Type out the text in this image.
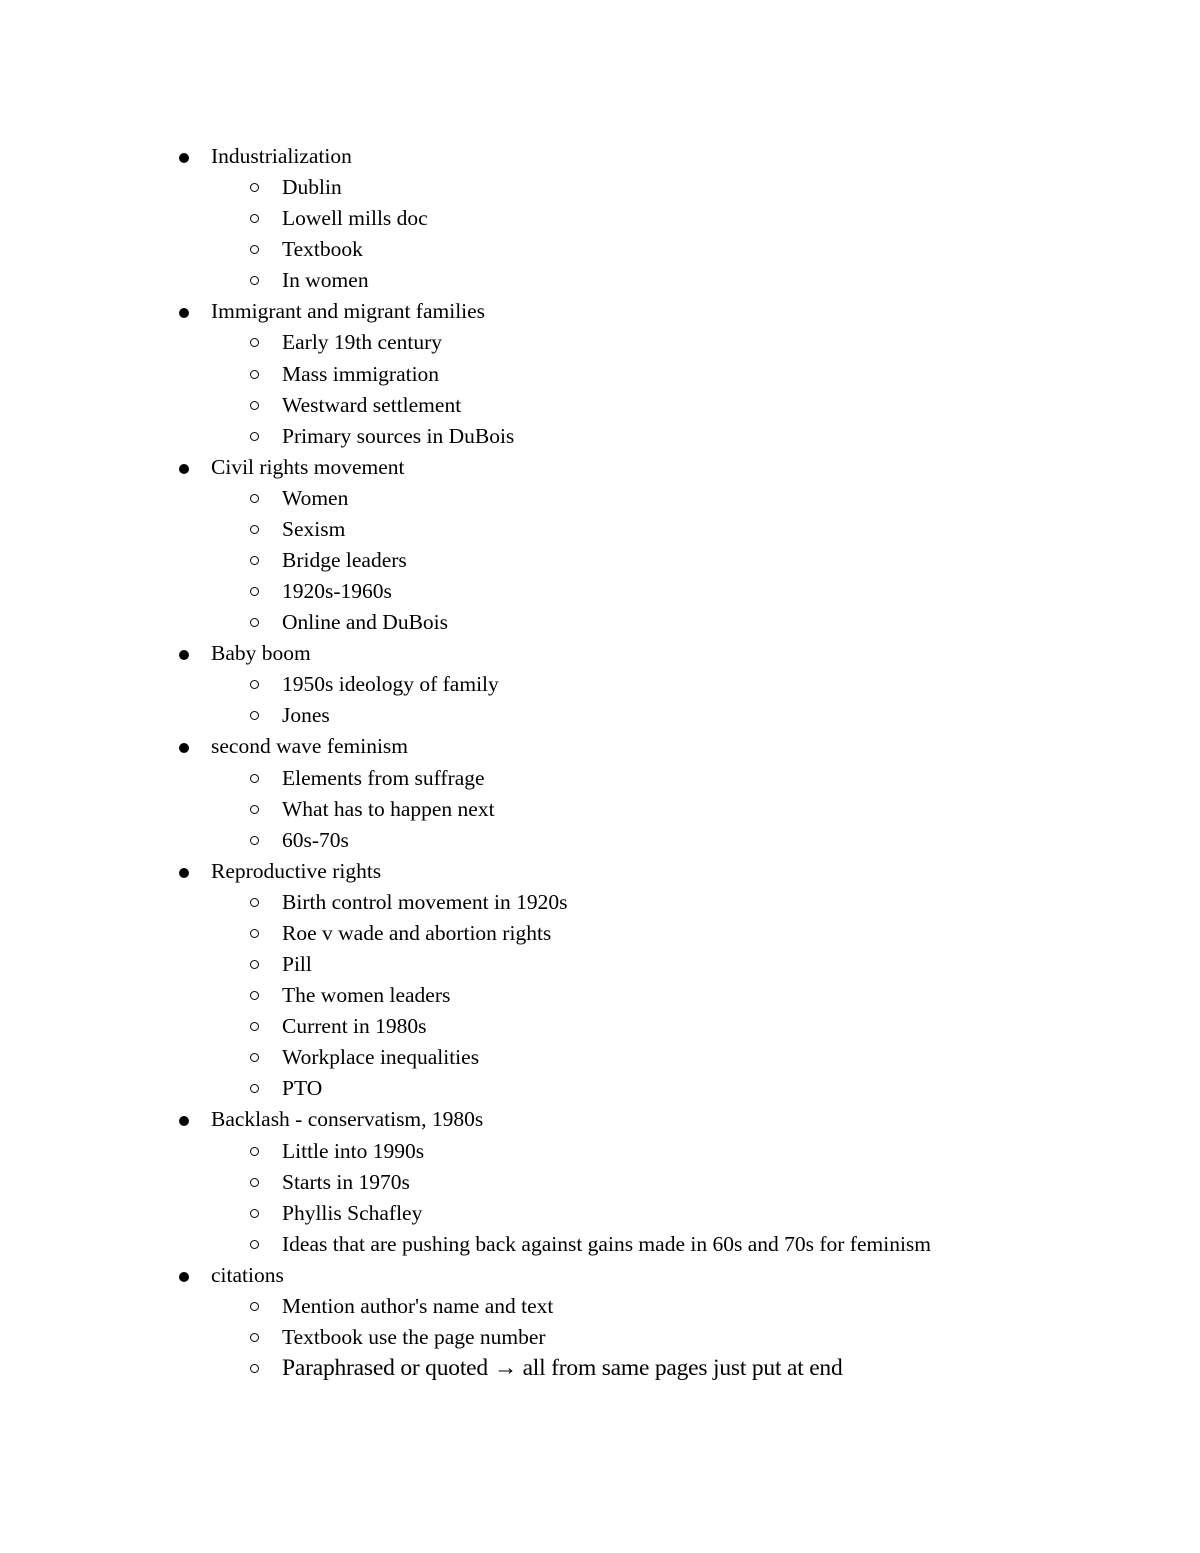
Industrialization
Dublin
Lowell mills doc
Textbook
In women
Immigrant and migrant families
Early 19th century
Mass immigration
Westward settlement
Primary sources in DuBois
Civil rights movement
Women
Sexism
Bridge leaders
1920s-1960s
Online and DuBois
Baby boom
1950s ideology of family
Jones
second wave feminism
Elements from suffrage
What has to happen next
60s-70s
Reproductive rights
Birth control movement in 1920s
Roe v wade and abortion rights
Pill
The women leaders
Current in 1980s
Workplace inequalities
PTO
Backlash - conservatism, 1980s
Little into 1990s
Starts in 1970s
Phyllis Schafley
Ideas that are pushing back against gains made in 60s and 70s for feminism
citations
Mention author's name and text
Textbook use the page number
Paraphrased or quoted → all from same pages just put at end
